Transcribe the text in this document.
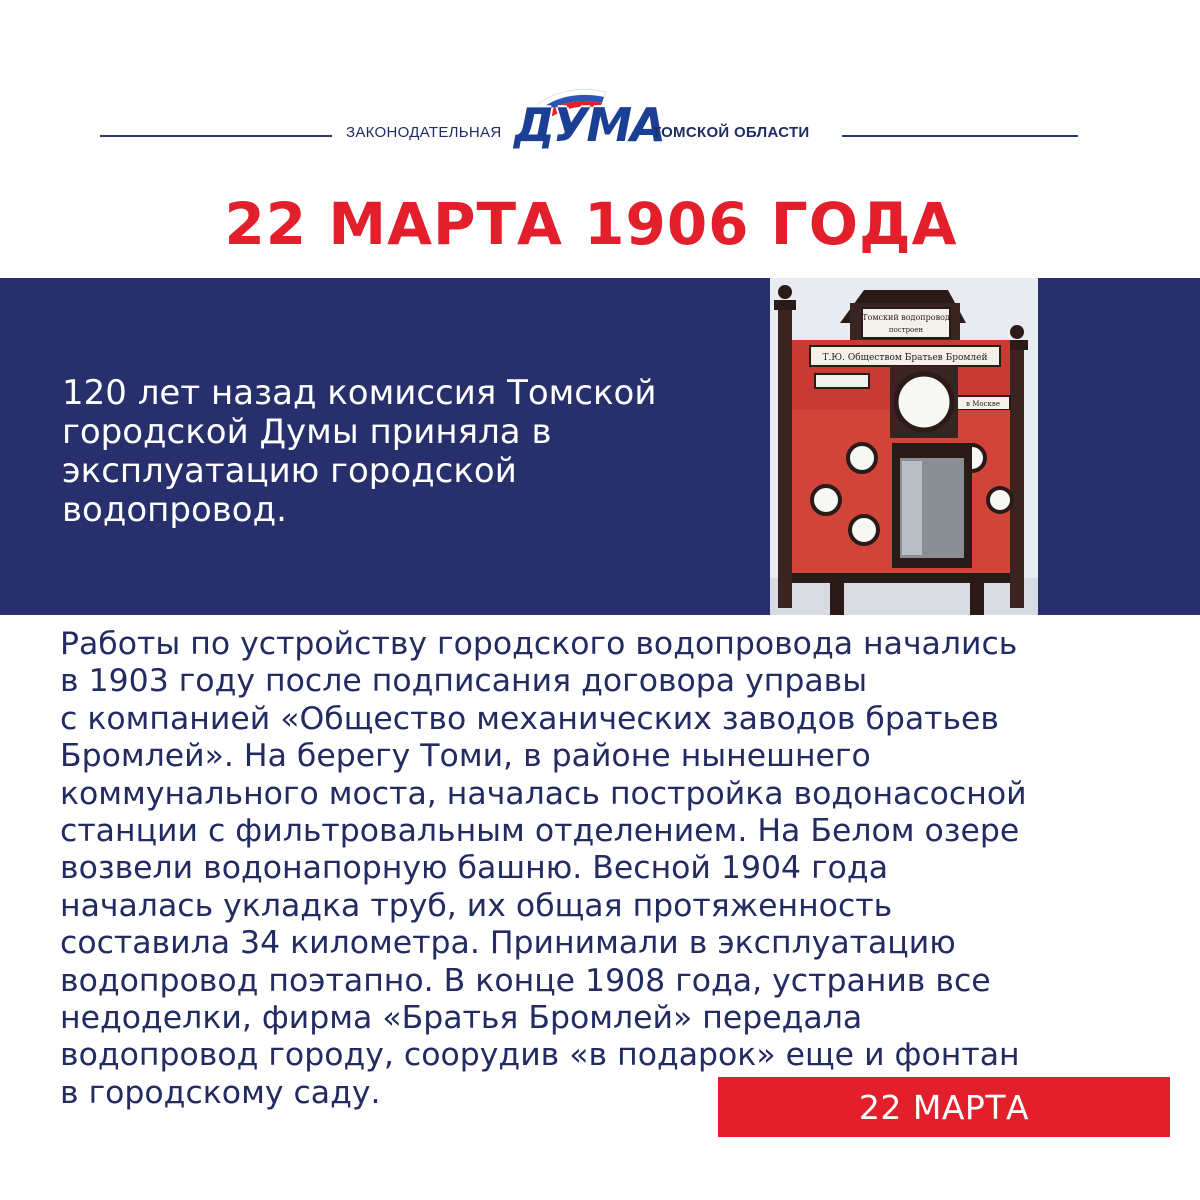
ЗАКОНОДАТЕЛЬНАЯ ДУМА
ТОМСКОЙ ОБЛАСТИ
22 МАРТА 1906 ГОДА
120 лет назад комиссия Томской городской Думы приняла в эксплуатацию городской водопровод.
Томский водопровод
построен
Т.Ю. Обществом Братьев Бромлей
в Москве
Работы по устройству городского водопровода начались
в 1903 году после подписания договора управы
с компанией «Общество механических заводов братьев
Бромлей». На берегу Томи, в районе нынешнего
коммунального моста, началась постройка водонасосной
станции с фильтровальным отделением. На Белом озере
возвели водонапорную башню. Весной 1904 года
началась укладка труб, их общая протяженность
составила 34 километра. Принимали в эксплуатацию
водопровод поэтапно. В конце 1908 года, устранив все
недоделки, фирма «Братья Бромлей» передала
водопровод городу, соорудив «в подарок» еще и фонтан
в городскому саду.	22 МАРТА
